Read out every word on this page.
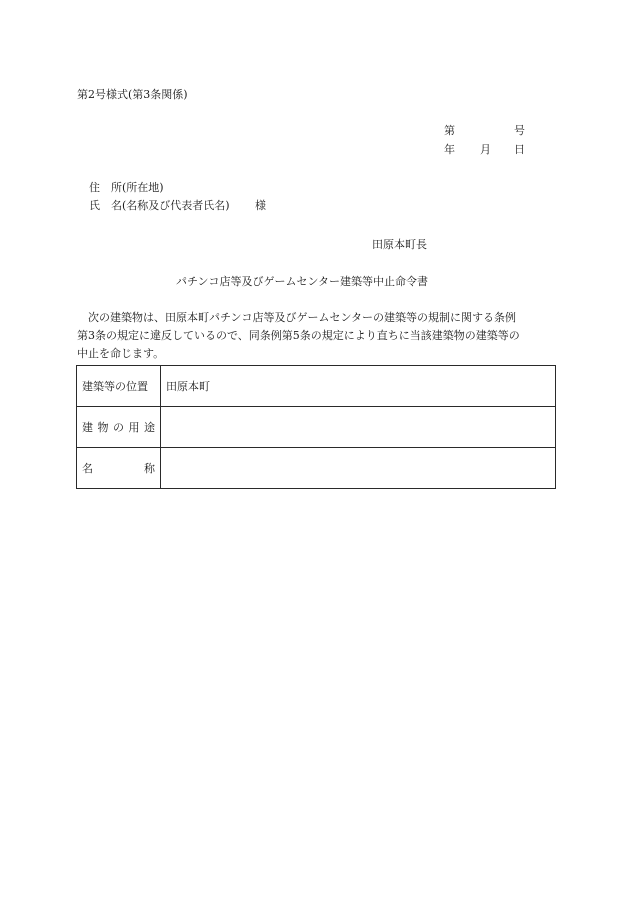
第2号様式(第3条関係)
第	号
年 月 日
住　所(所在地)
氏　名(名称及び代表者氏名) 様
田原本町長
パチンコ店等及びゲームセンター建築等中止命令書
　次の建築物は、田原本町パチンコ店等及びゲームセンターの建築等の規制に関する条例
第3条の規定に違反しているので、同条例第5条の規定により直ちに当該建築物の建築等の
中止を命じます。
建築等の位置	田原本町

建物の用途	

名称	
